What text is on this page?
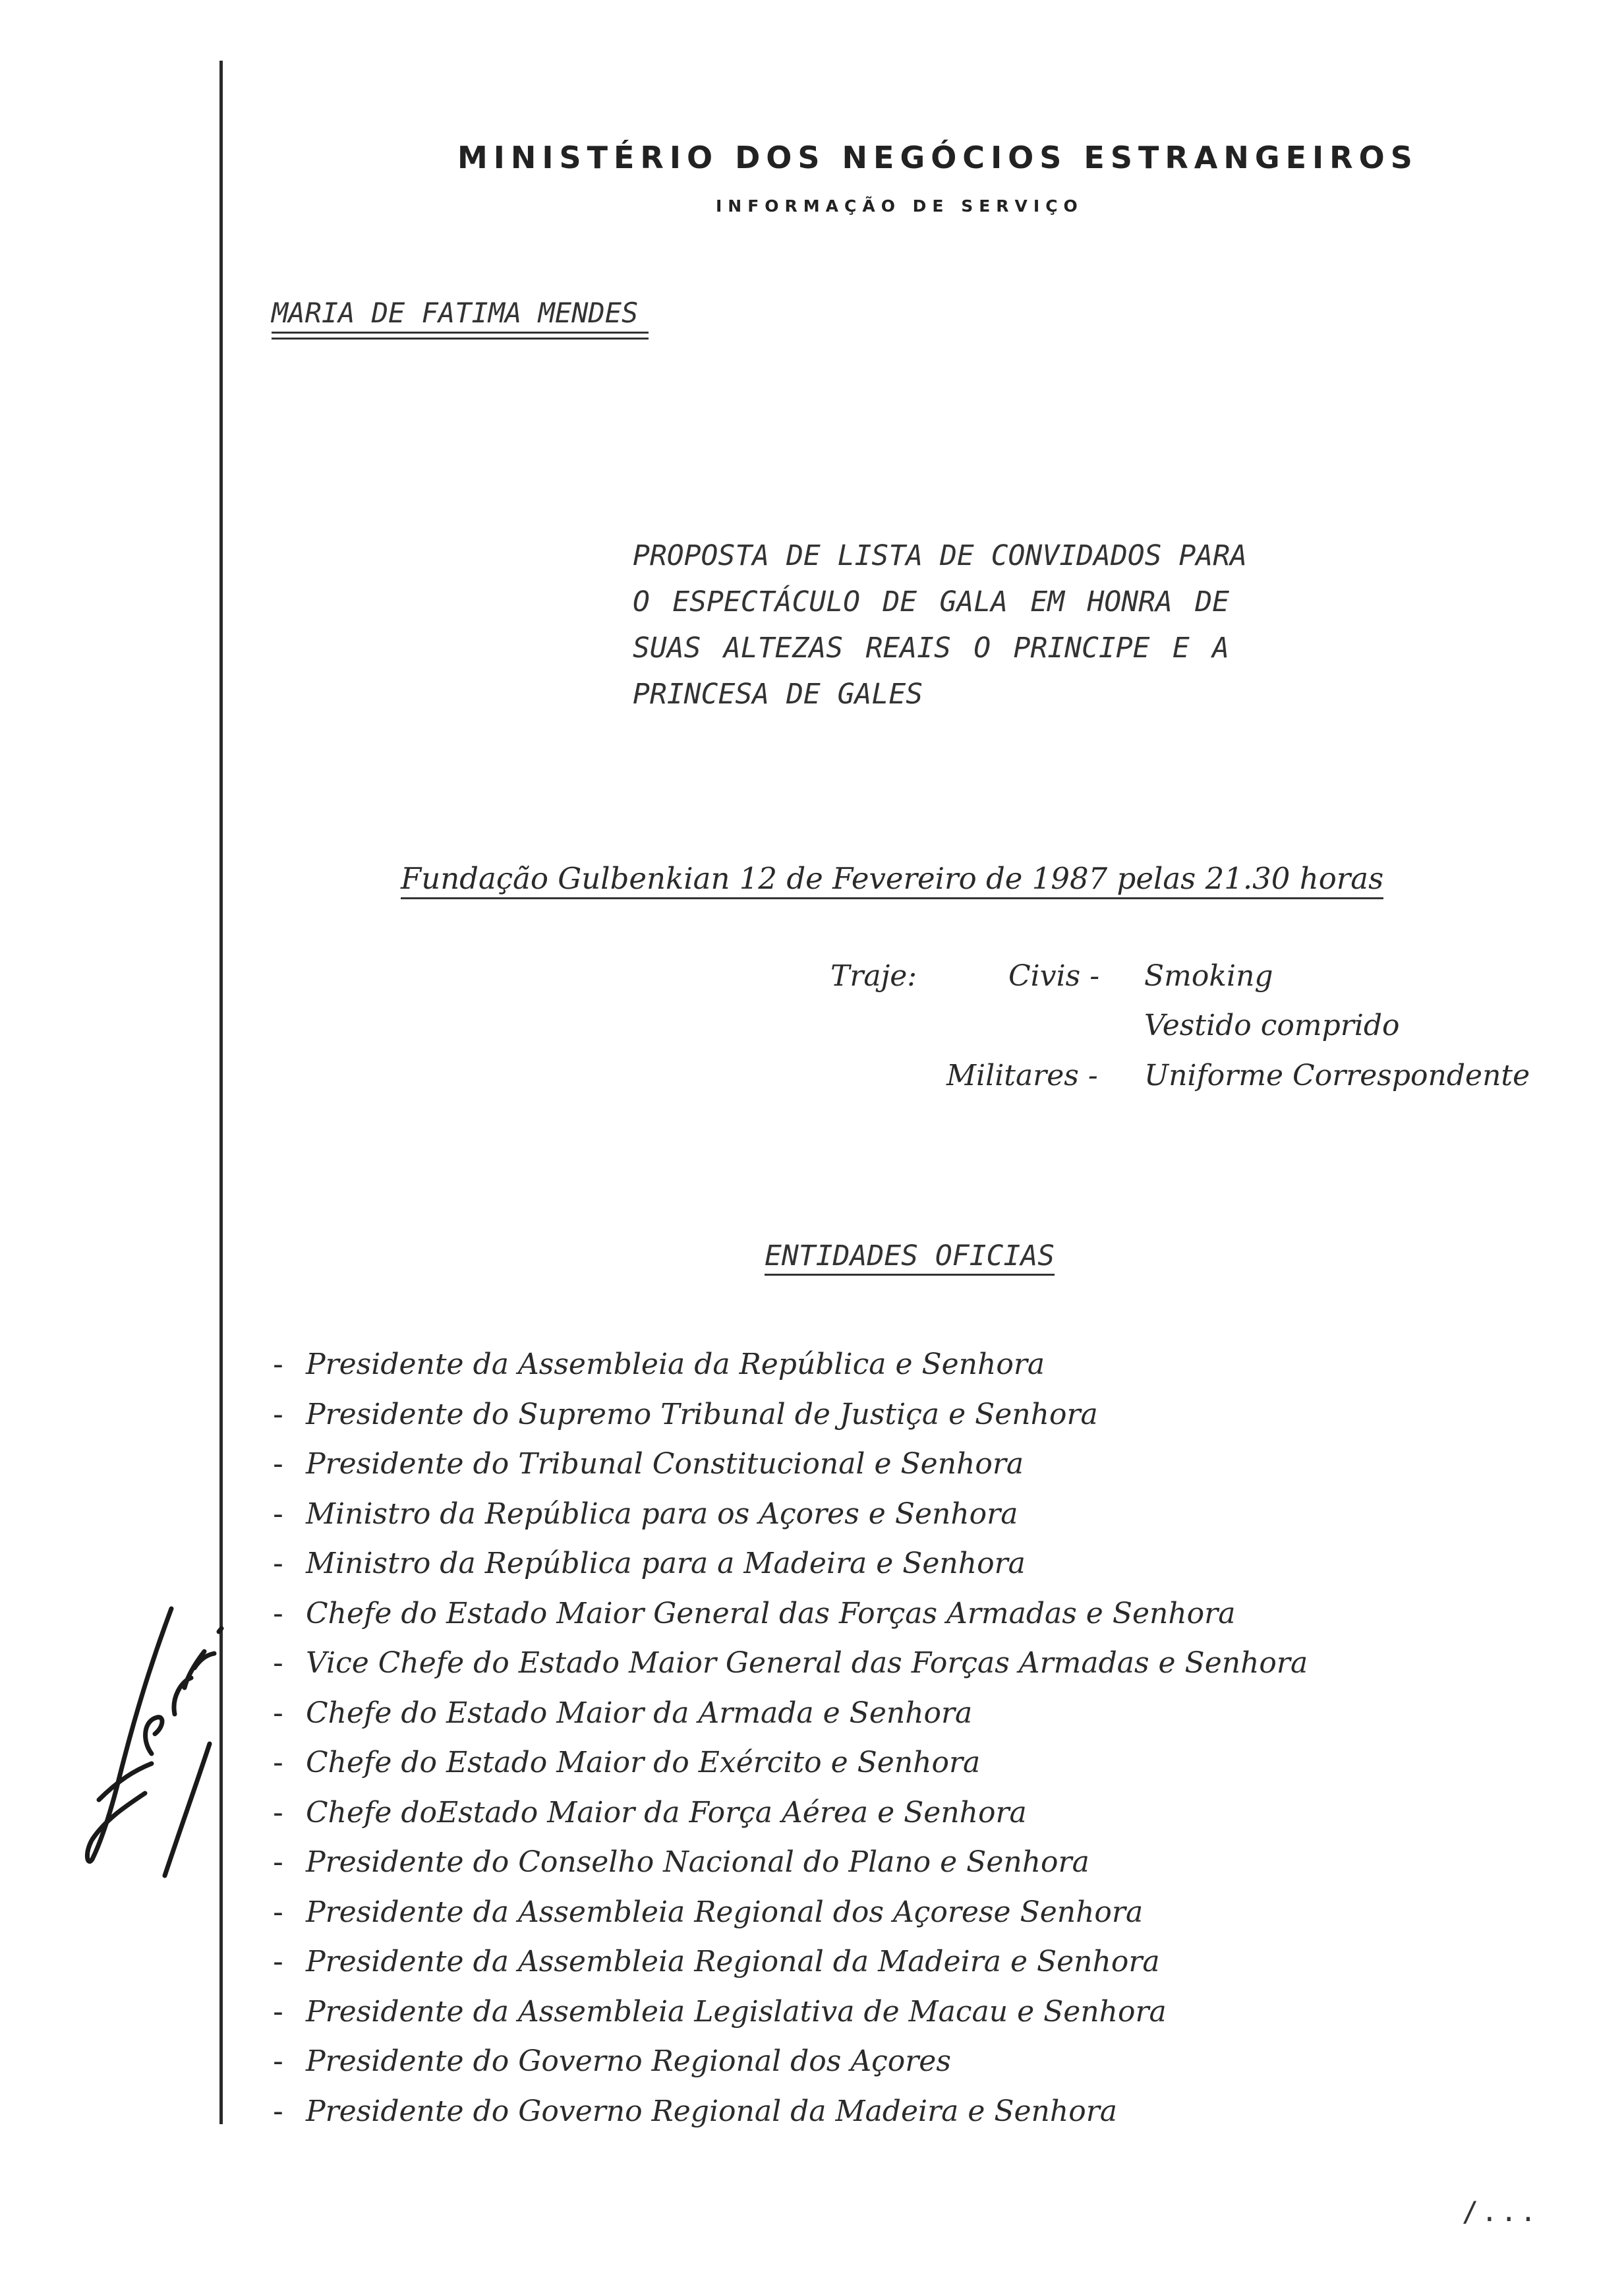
MINISTÉRIO DOS NEGÓCIOS ESTRANGEIROS
INFORMAÇÃO DE SERVIÇO
MARIA DE FATIMA MENDES
PROPOSTA DE LISTA DE CONVIDADOS PARA
O ESPECTÁCULO DE GALA EM HONRA DE
SUAS ALTEZAS REAIS O PRINCIPE E A
PRINCESA DE GALES
Fundação Gulbenkian 12 de Fevereiro de 1987 pelas 21.30 horas
Traje:	Civis -	Smoking
Vestido comprido
Militares -	Uniforme Correspondente
ENTIDADES OFICIAS
- Presidente da Assembleia da República e Senhora
- Presidente do Supremo Tribunal de Justiça e Senhora
- Presidente do Tribunal Constitucional e Senhora
- Ministro da República para os Açores e Senhora
- Ministro da República para a Madeira e Senhora
- Chefe do Estado Maior General das Forças Armadas e Senhora
- Vice Chefe do Estado Maior General das Forças Armadas e Senhora
- Chefe do Estado Maior da Armada e Senhora
- Chefe do Estado Maior do Exército e Senhora
- Chefe doEstado Maior da Força Aérea e Senhora
- Presidente do Conselho Nacional do Plano e Senhora
- Presidente da Assembleia Regional dos Açorese Senhora
- Presidente da Assembleia Regional da Madeira e Senhora
- Presidente da Assembleia Legislativa de Macau e Senhora
- Presidente do Governo Regional dos Açores
- Presidente do Governo Regional da Madeira e Senhora
/...
